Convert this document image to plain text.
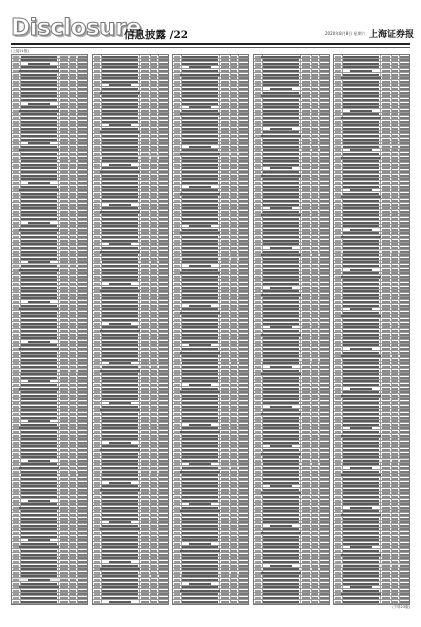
Disclosure
信息披露 /22	2020年8月8日 星期六 上海证券报
(上接21版)
(下转23版)
